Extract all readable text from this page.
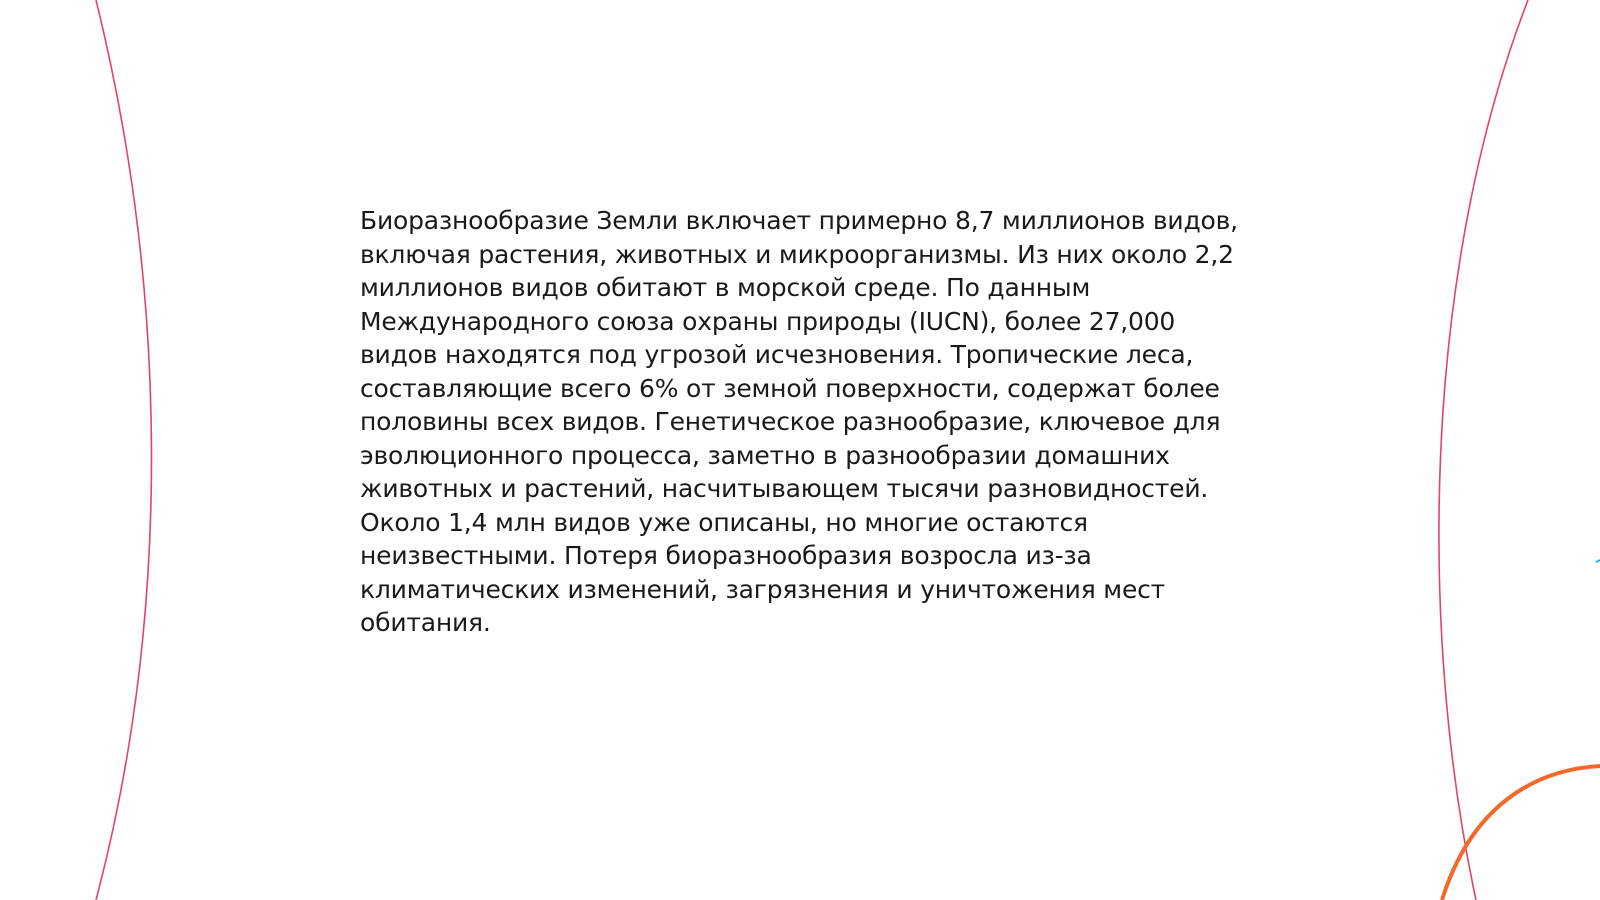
Биоразнообразие Земли включает примерно 8,7 миллионов видов, включая растения, животных и микроорганизмы. Из них около 2,2 миллионов видов обитают в морской среде. По данным Международного союза охраны природы (IUCN), более 27,000 видов находятся под угрозой исчезновения. Тропические леса, составляющие всего 6% от земной поверхности, содержат более половины всех видов. Генетическое разнообразие, ключевое для эволюционного процесса, заметно в разнообразии домашних животных и растений, насчитывающем тысячи разновидностей. Около 1,4 млн видов уже описаны, но многие остаются неизвестными. Потеря биоразнообразия возросла из-за климатических изменений, загрязнения и уничтожения мест обитания.
